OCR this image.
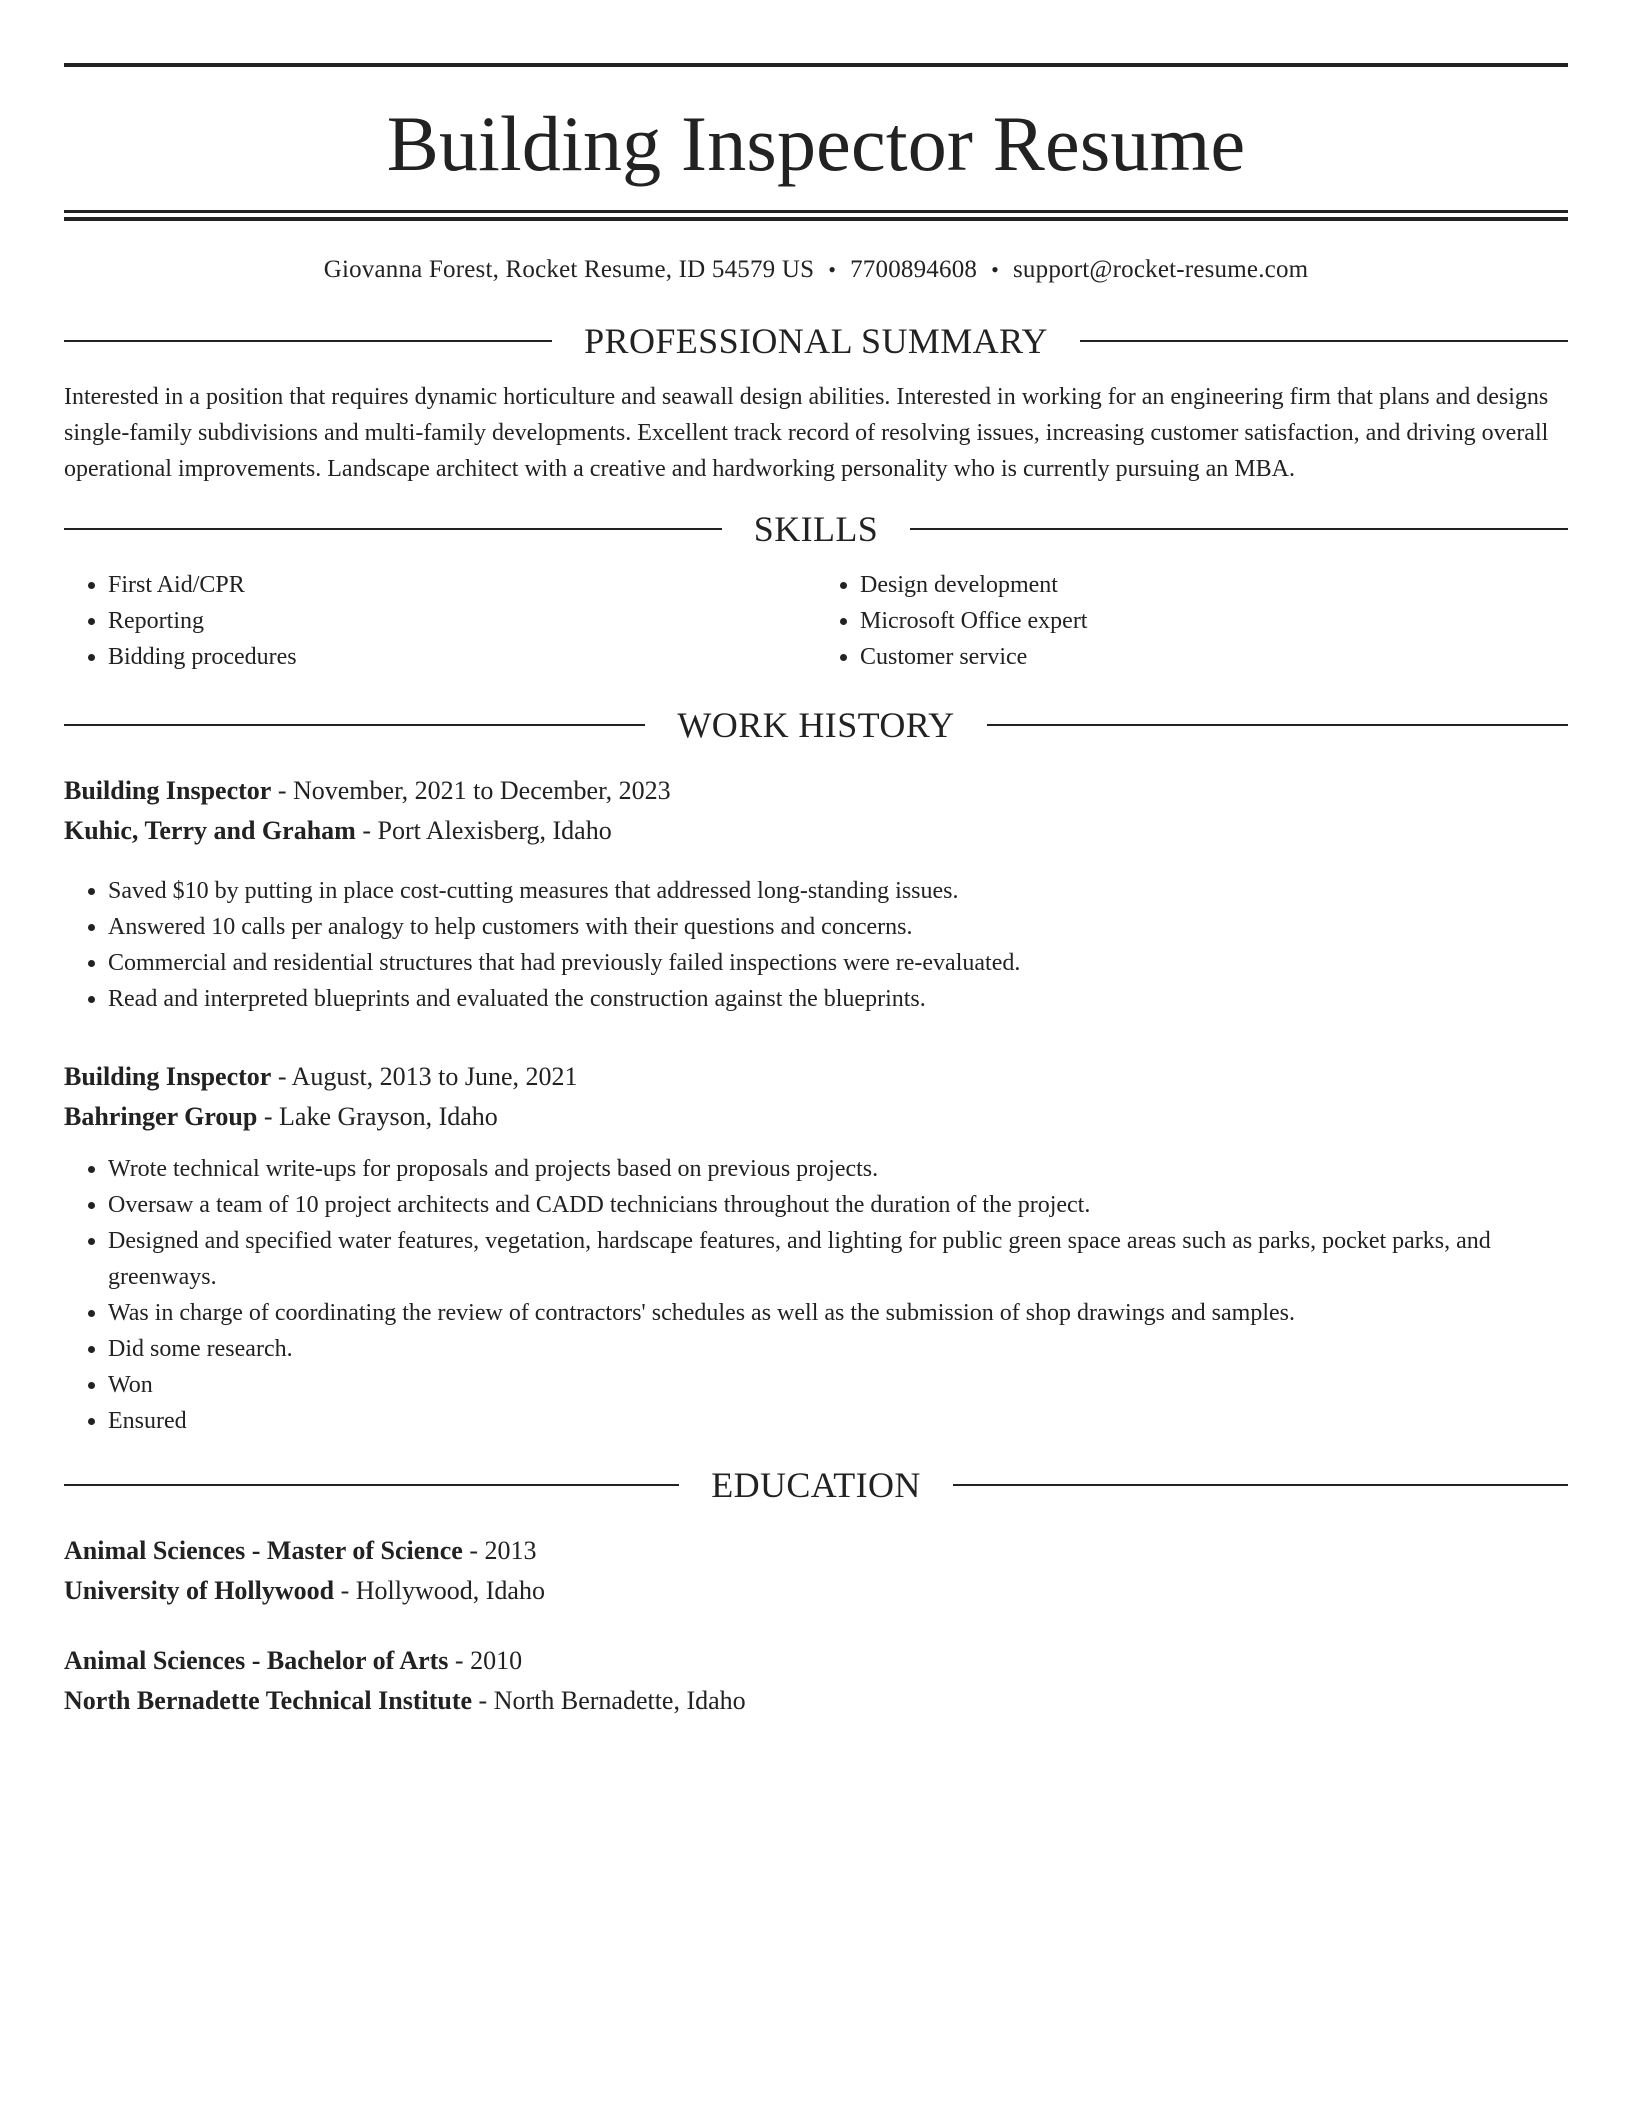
Building Inspector Resume
Giovanna Forest, Rocket Resume, ID 54579 US • 7700894608 • support@rocket-resume.com
PROFESSIONAL SUMMARY
Interested in a position that requires dynamic horticulture and seawall design abilities. Interested in working for an engineering firm that plans and designs single-family subdivisions and multi-family developments. Excellent track record of resolving issues, increasing customer satisfaction, and driving overall operational improvements. Landscape architect with a creative and hardworking personality who is currently pursuing an MBA.
SKILLS
• First Aid/CPR
• Reporting
• Bidding procedures
• Design development
• Microsoft Office expert
• Customer service
WORK HISTORY
Building Inspector - November, 2021 to December, 2023
Kuhic, Terry and Graham - Port Alexisberg, Idaho
• Saved $10 by putting in place cost-cutting measures that addressed long-standing issues.
• Answered 10 calls per analogy to help customers with their questions and concerns.
• Commercial and residential structures that had previously failed inspections were re-evaluated.
• Read and interpreted blueprints and evaluated the construction against the blueprints.
Building Inspector - August, 2013 to June, 2021
Bahringer Group - Lake Grayson, Idaho
• Wrote technical write-ups for proposals and projects based on previous projects.
• Oversaw a team of 10 project architects and CADD technicians throughout the duration of the project.
• Designed and specified water features, vegetation, hardscape features, and lighting for public green space areas such as parks, pocket parks, and greenways.
• Was in charge of coordinating the review of contractors' schedules as well as the submission of shop drawings and samples.
• Did some research.
• Won
• Ensured
EDUCATION
Animal Sciences - Master of Science - 2013
University of Hollywood - Hollywood, Idaho
Animal Sciences - Bachelor of Arts - 2010
North Bernadette Technical Institute - North Bernadette, Idaho
